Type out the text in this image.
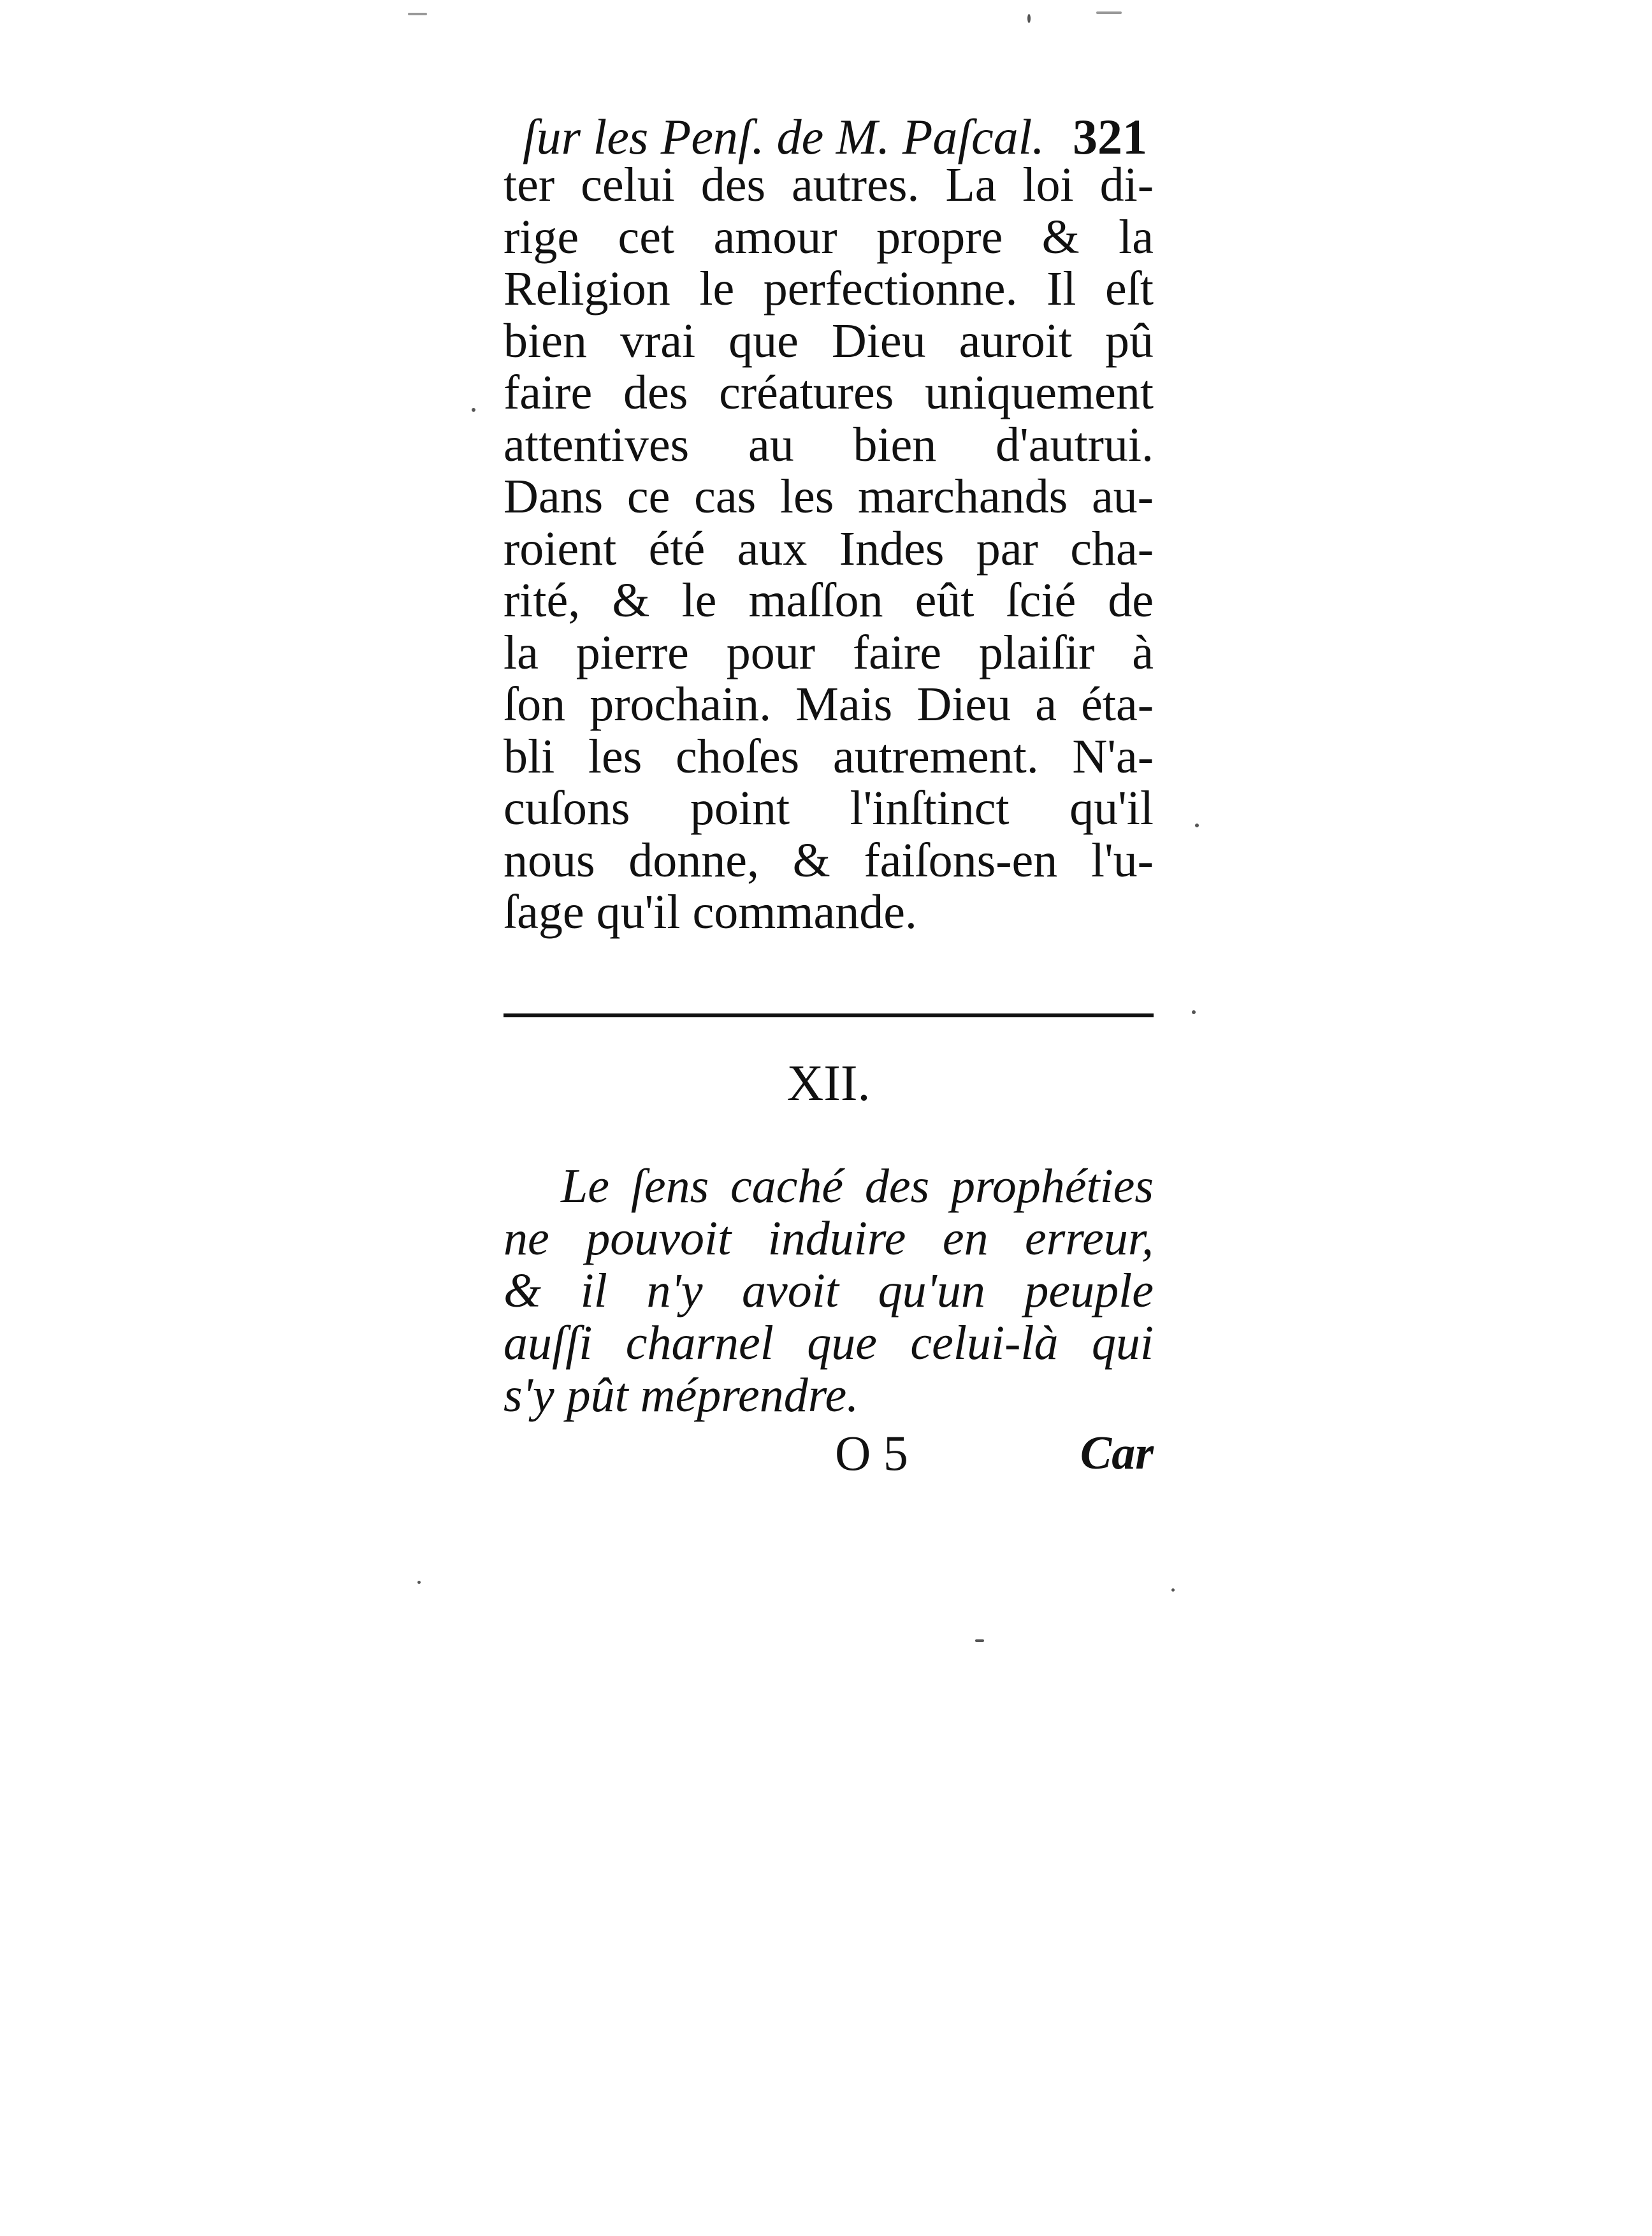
ſur les Penſ. de M. Paſcal. 321
ter celui des autres. La loi di-
rige cet amour propre & la
Religion le perfectionne. Il eſt
bien vrai que Dieu auroit pû
faire des créatures uniquement
attentives au bien d'autrui.
Dans ce cas les marchands au-
roient été aux Indes par cha-
rité, & le maſſon eût ſcié de
la pierre pour faire plaiſir à
ſon prochain. Mais Dieu a éta-
bli les choſes autrement. N'a-
cuſons point l'inſtinct qu'il
nous donne, & faiſons-en l'u-
ſage qu'il commande.
XII.
Le ſens caché des prophéties
ne pouvoit induire en erreur,
& il n'y avoit qu'un peuple
auſſi charnel que celui-là qui
s'y pût méprendre.
O 5	Car
